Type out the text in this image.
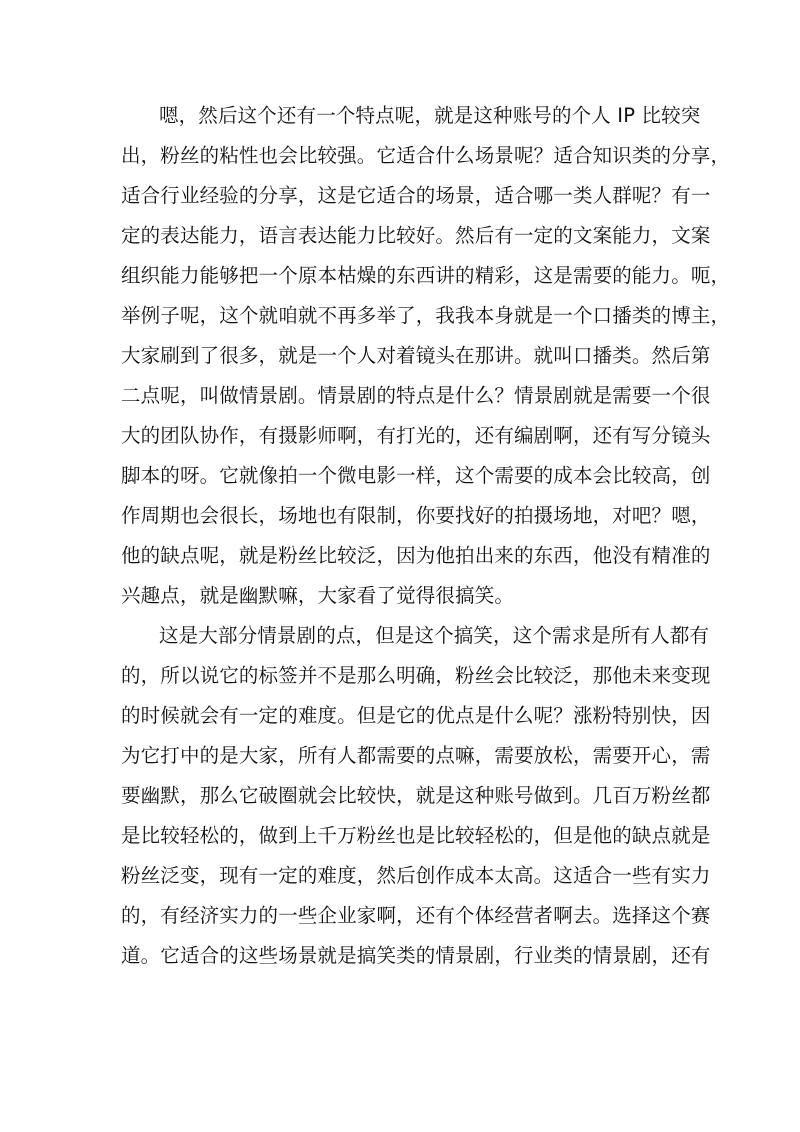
嗯，然后这个还有一个特点呢，就是这种账号的个人 IP 比较突
出，粉丝的粘性也会比较强。它适合什么场景呢？适合知识类的分享，
适合行业经验的分享，这是它适合的场景，适合哪一类人群呢？有一
定的表达能力，语言表达能力比较好。然后有一定的文案能力，文案
组织能力能够把一个原本枯燥的东西讲的精彩，这是需要的能力。呃，
举例子呢，这个就咱就不再多举了，我我本身就是一个口播类的博主，
大家刷到了很多，就是一个人对着镜头在那讲。就叫口播类。然后第
二点呢，叫做情景剧。情景剧的特点是什么？情景剧就是需要一个很
大的团队协作，有摄影师啊，有打光的，还有编剧啊，还有写分镜头
脚本的呀。它就像拍一个微电影一样，这个需要的成本会比较高，创
作周期也会很长，场地也有限制，你要找好的拍摄场地，对吧？嗯，
他的缺点呢，就是粉丝比较泛，因为他拍出来的东西，他没有精准的
兴趣点，就是幽默嘛，大家看了觉得很搞笑。
这是大部分情景剧的点，但是这个搞笑，这个需求是所有人都有
的，所以说它的标签并不是那么明确，粉丝会比较泛，那他未来变现
的时候就会有一定的难度。但是它的优点是什么呢？涨粉特别快，因
为它打中的是大家，所有人都需要的点嘛，需要放松，需要开心，需
要幽默，那么它破圈就会比较快，就是这种账号做到。几百万粉丝都
是比较轻松的，做到上千万粉丝也是比较轻松的，但是他的缺点就是
粉丝泛变，现有一定的难度，然后创作成本太高。这适合一些有实力
的，有经济实力的一些企业家啊，还有个体经营者啊去。选择这个赛
道。它适合的这些场景就是搞笑类的情景剧，行业类的情景剧，还有
